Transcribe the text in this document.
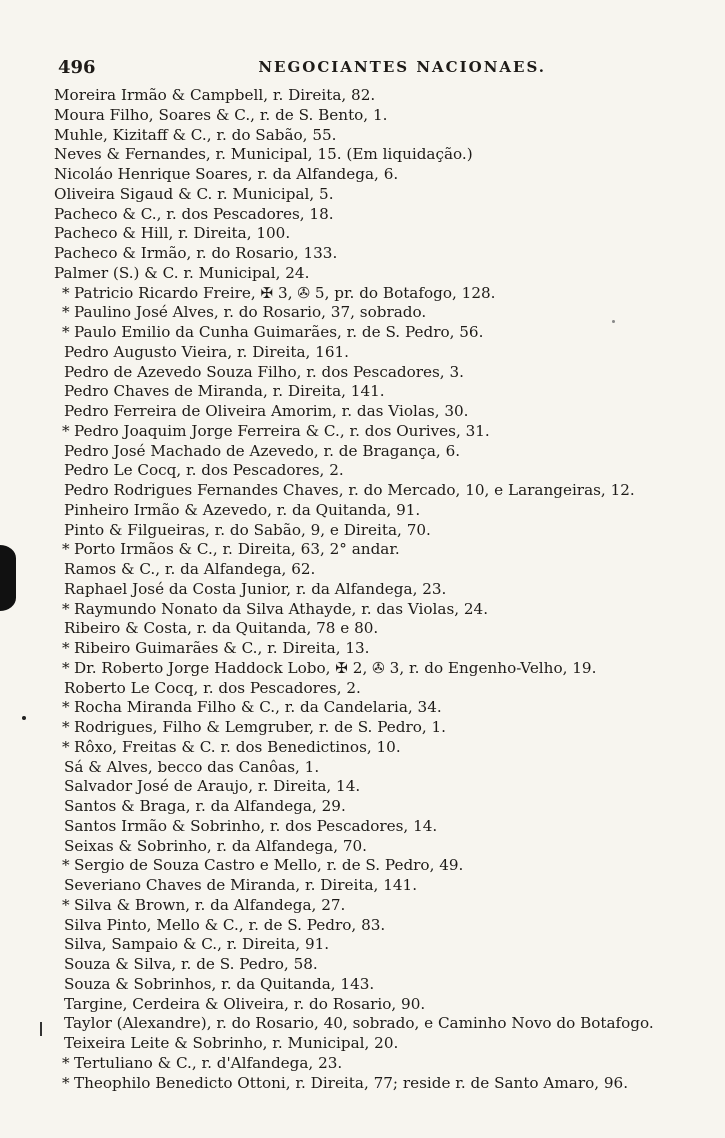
496	NEGOCIANTES NACIONAES.
Moreira Irmão & Campbell, r. Direita, 82.
Moura Filho, Soares & C., r. de S. Bento, 1.
Muhle, Kizitaff & C., r. do Sabão, 55.
Neves & Fernandes, r. Municipal, 15. (Em liquidação.)
Nicoláo Henrique Soares, r. da Alfandega, 6.
Oliveira Sigaud & C. r. Municipal, 5.
Pacheco & C., r. dos Pescadores, 18.
Pacheco & Hill, r. Direita, 100.
Pacheco & Irmão, r. do Rosario, 133.
Palmer (S.) & C. r. Municipal, 24.
* Patricio Ricardo Freire, ✠ 3, ✇ 5, pr. do Botafogo, 128.
* Paulino José Alves, r. do Rosario, 37, sobrado.
* Paulo Emilio da Cunha Guimarães, r. de S. Pedro, 56.
Pedro Augusto Vieira, r. Direita, 161.
Pedro de Azevedo Souza Filho, r. dos Pescadores, 3.
Pedro Chaves de Miranda, r. Direita, 141.
Pedro Ferreira de Oliveira Amorim, r. das Violas, 30.
* Pedro Joaquim Jorge Ferreira & C., r. dos Ourives, 31.
Pedro José Machado de Azevedo, r. de Bragança, 6.
Pedro Le Cocq, r. dos Pescadores, 2.
Pedro Rodrigues Fernandes Chaves, r. do Mercado, 10, e Larangeiras, 12.
Pinheiro Irmão & Azevedo, r. da Quitanda, 91.
Pinto & Filgueiras, r. do Sabão, 9, e Direita, 70.
* Porto Irmãos & C., r. Direita, 63, 2° andar.
Ramos & C., r. da Alfandega, 62.
Raphael José da Costa Junior, r. da Alfandega, 23.
* Raymundo Nonato da Silva Athayde, r. das Violas, 24.
Ribeiro & Costa, r. da Quitanda, 78 e 80.
* Ribeiro Guimarães & C., r. Direita, 13.
* Dr. Roberto Jorge Haddock Lobo, ✠ 2, ✇ 3, r. do Engenho-Velho, 19.
Roberto Le Cocq, r. dos Pescadores, 2.
* Rocha Miranda Filho & C., r. da Candelaria, 34.
* Rodrigues, Filho & Lemgruber, r. de S. Pedro, 1.
* Rôxo, Freitas & C. r. dos Benedictinos, 10.
Sá & Alves, becco das Canôas, 1.
Salvador José de Araujo, r. Direita, 14.
Santos & Braga, r. da Alfandega, 29.
Santos Irmão & Sobrinho, r. dos Pescadores, 14.
Seixas & Sobrinho, r. da Alfandega, 70.
* Sergio de Souza Castro e Mello, r. de S. Pedro, 49.
Severiano Chaves de Miranda, r. Direita, 141.
* Silva & Brown, r. da Alfandega, 27.
Silva Pinto, Mello & C., r. de S. Pedro, 83.
Silva, Sampaio & C., r. Direita, 91.
Souza & Silva, r. de S. Pedro, 58.
Souza & Sobrinhos, r. da Quitanda, 143.
Targine, Cerdeira & Oliveira, r. do Rosario, 90.
Taylor (Alexandre), r. do Rosario, 40, sobrado, e Caminho Novo do Botafogo.
Teixeira Leite & Sobrinho, r. Municipal, 20.
* Tertuliano & C., r. d'Alfandega, 23.
* Theophilo Benedicto Ottoni, r. Direita, 77; reside r. de Santo Amaro, 96.
